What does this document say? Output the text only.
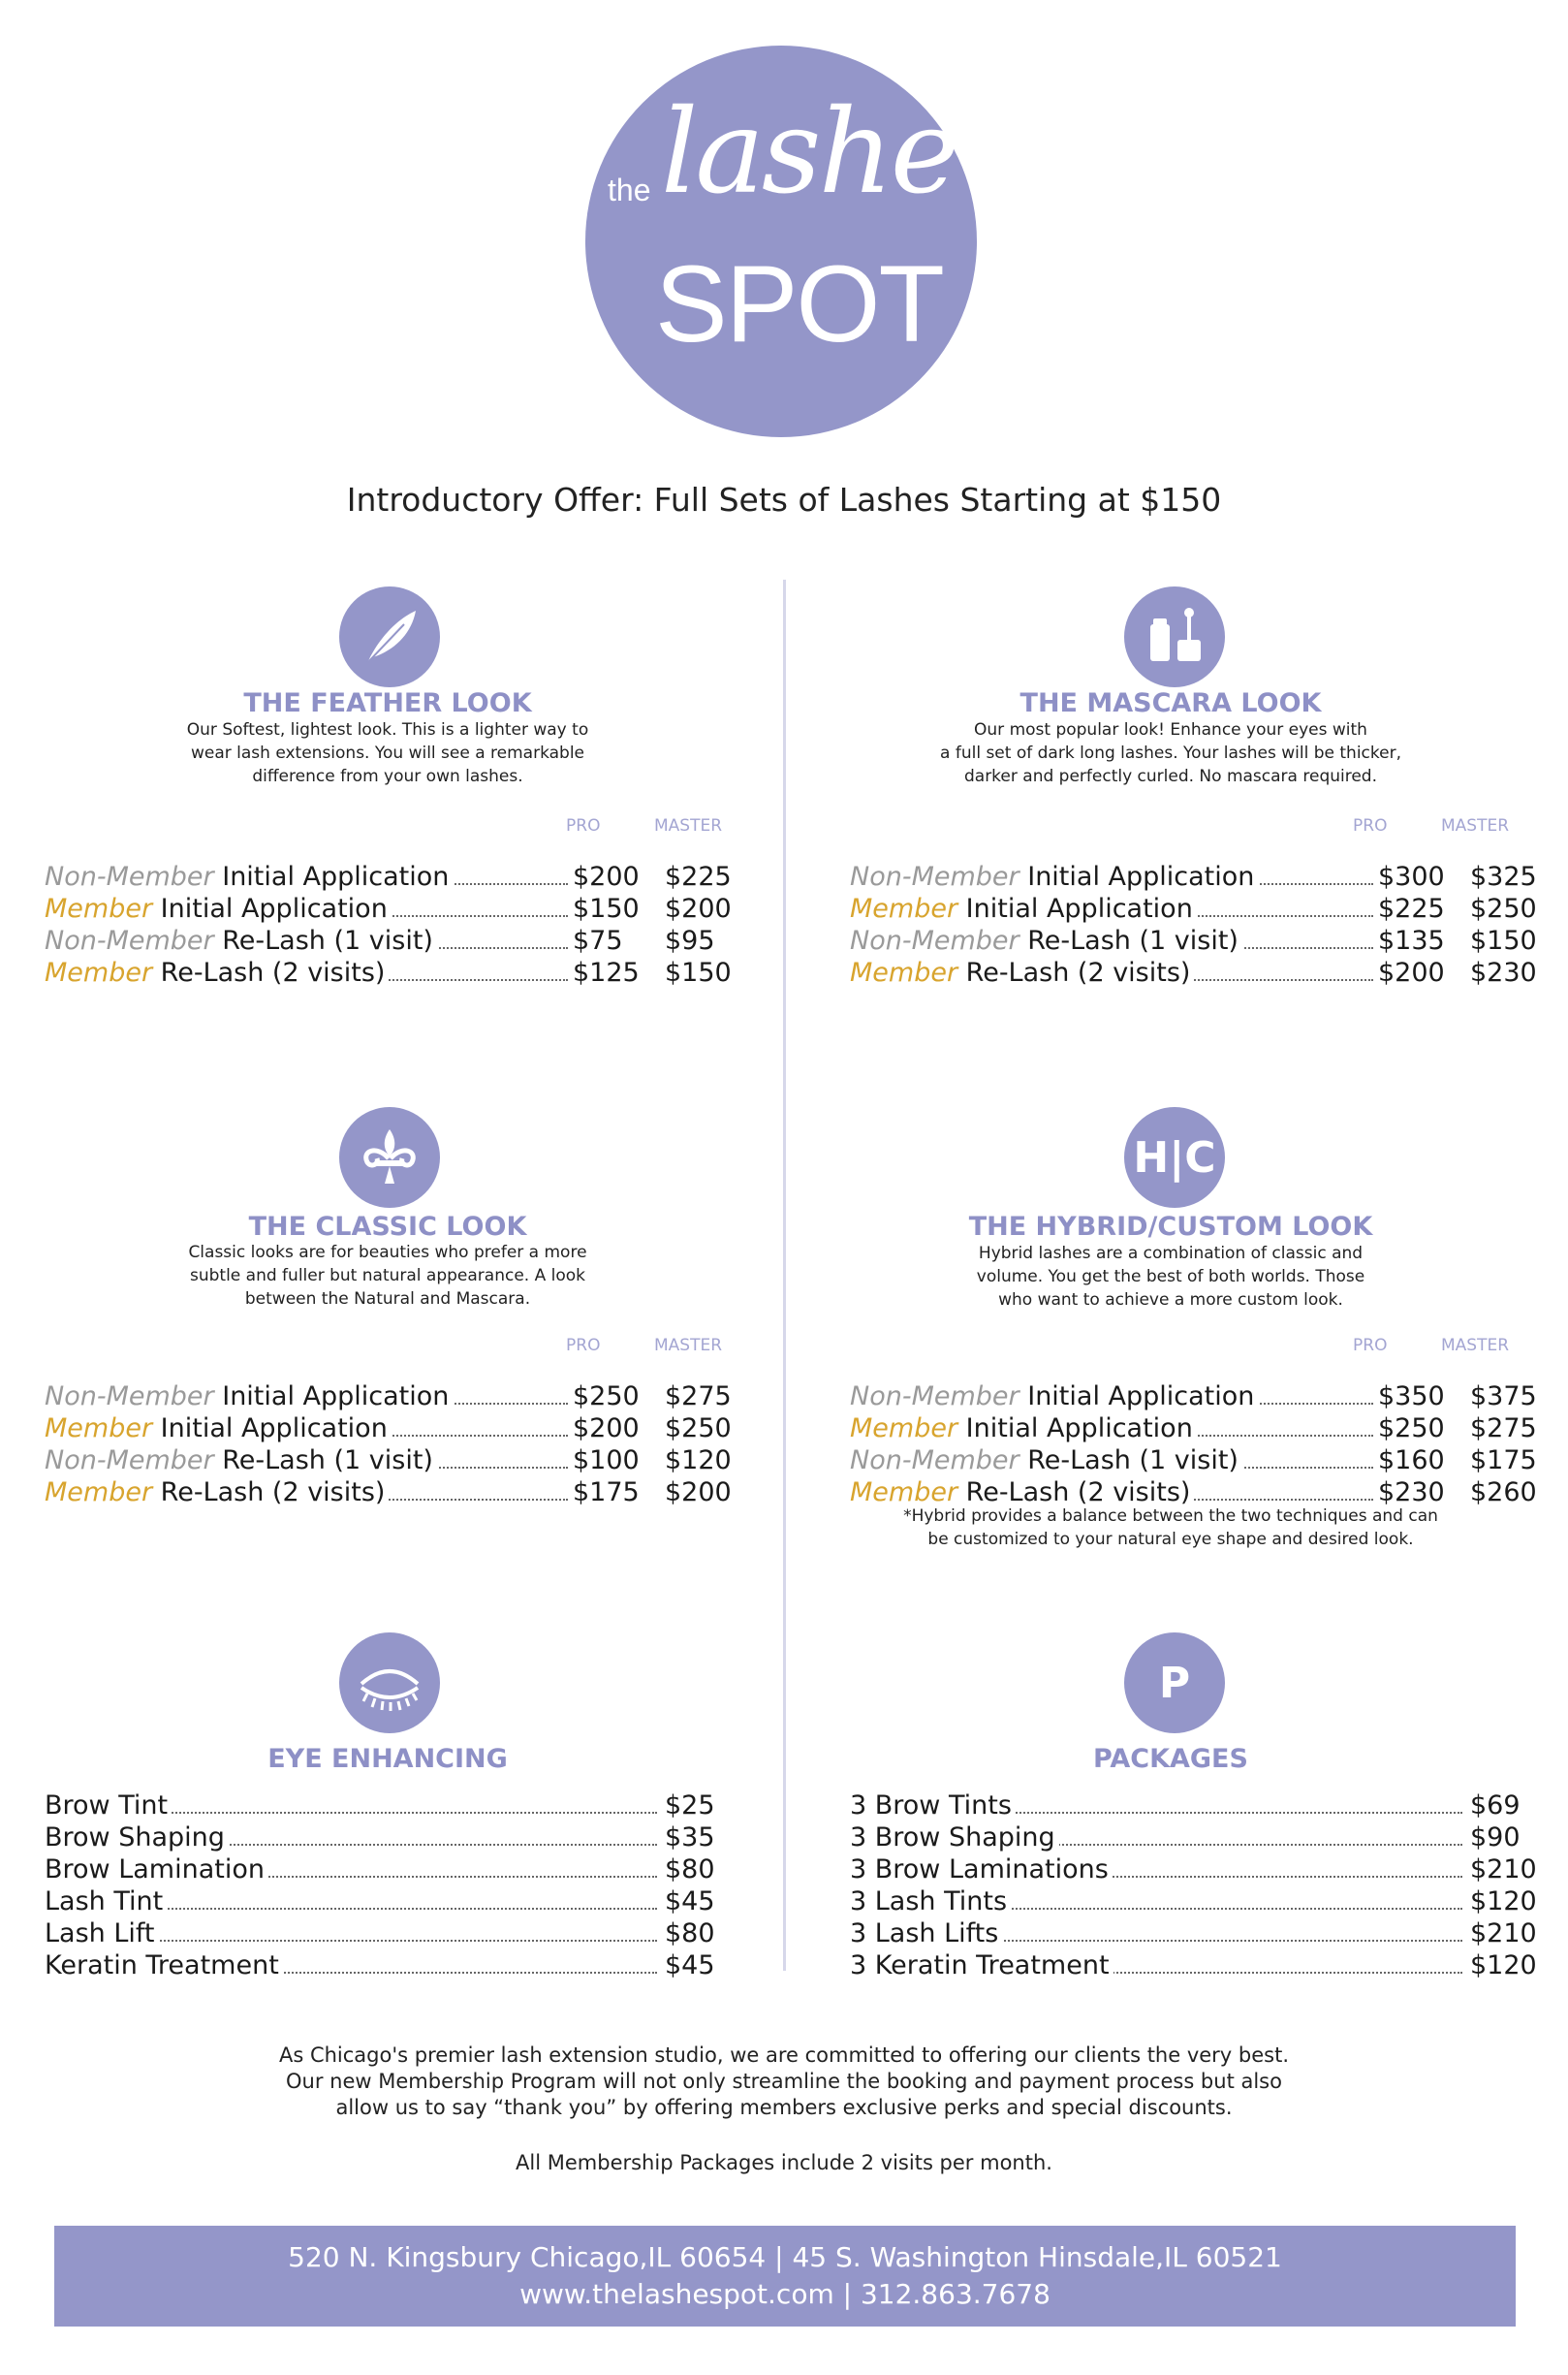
the lashe
SPOT
Introductory Offer: Full Sets of Lashes Starting at $150
THE FEATHER LOOK
Our Softest, lightest look. This is a lighter way to
wear lash extensions. You will see a remarkable
difference from your own lashes.
PRO	MASTER
Non-Member Initial Application	$200 $225
Member Initial Application	$150 $200
Non-Member Re-Lash (1 visit)	$75 $95
Member Re-Lash (2 visits)	$125 $150
THE MASCARA LOOK
Our most popular look! Enhance your eyes with
a full set of dark long lashes. Your lashes will be thicker,
darker and perfectly curled. No mascara required.
PRO	MASTER
Non-Member Initial Application	$300 $325
Member Initial Application	$225 $250
Non-Member Re-Lash (1 visit)	$135 $150
Member Re-Lash (2 visits)	$200 $230
THE CLASSIC LOOK
Classic looks are for beauties who prefer a more
subtle and fuller but natural appearance. A look
between the Natural and Mascara.
PRO	MASTER
Non-Member Initial Application	$250 $275
Member Initial Application	$200 $250
Non-Member Re-Lash (1 visit)	$100 $120
Member Re-Lash (2 visits)	$175 $200
H|C
THE HYBRID/CUSTOM LOOK
Hybrid lashes are a combination of classic and
volume. You get the best of both worlds. Those
who want to achieve a more custom look.
PRO	MASTER
Non-Member Initial Application	$350 $375
Member Initial Application	$250 $275
Non-Member Re-Lash (1 visit)	$160 $175
Member Re-Lash (2 visits)	$230 $260
*Hybrid provides a balance between the two techniques and can
be customized to your natural eye shape and desired look.
EYE ENHANCING
Brow Tint	$25
Brow Shaping	$35
Brow Lamination	$80
Lash Tint	$45
Lash Lift	$80
Keratin Treatment	$45
P
PACKAGES
3 Brow Tints	$69
3 Brow Shaping	$90
3 Brow Laminations	$210
3 Lash Tints	$120
3 Lash Lifts	$210
3 Keratin Treatment	$120
As Chicago's premier lash extension studio, we are committed to offering our clients the very best.
Our new Membership Program will not only streamline the booking and payment process but also
allow us to say “thank you” by offering members exclusive perks and special discounts.
All Membership Packages include 2 visits per month.
520 N. Kingsbury Chicago,IL 60654 | 45 S. Washington Hinsdale,IL 60521
www.thelashespot.com | 312.863.7678
